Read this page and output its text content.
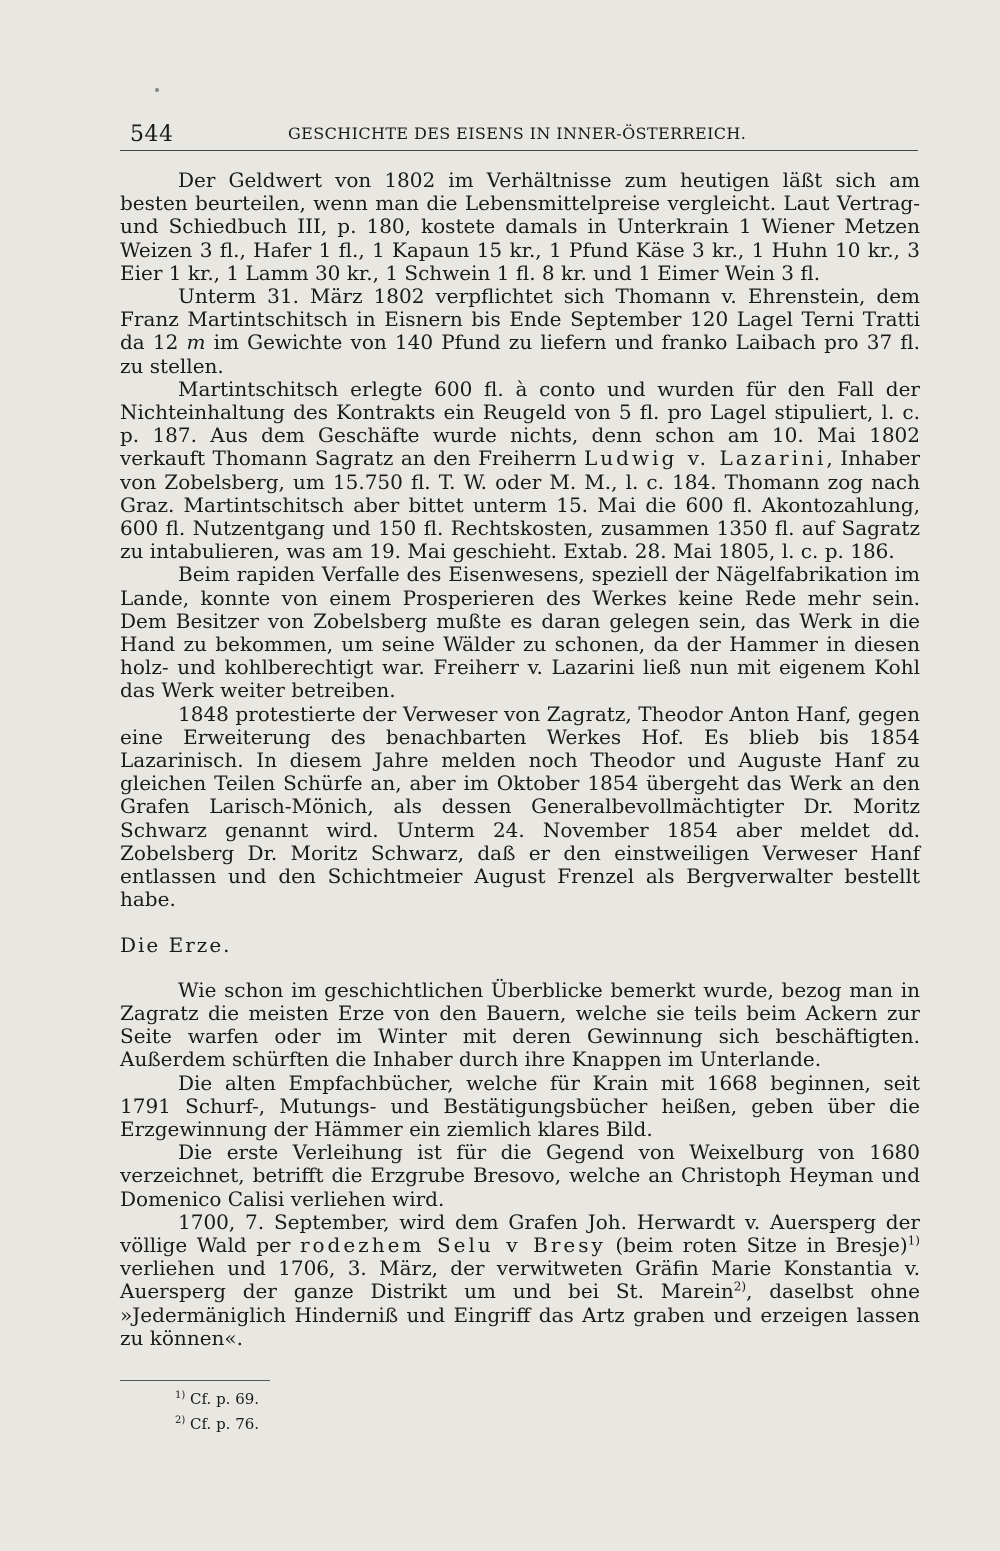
544	GESCHICHTE DES EISENS IN INNER-ÖSTERREICH.

Der Geldwert von 1802 im Verhältnisse zum heutigen läßt sich am besten beurteilen, wenn man die Lebensmittelpreise vergleicht. Laut Vertrag- und Schiedbuch III, p. 180, kostete damals in Unterkrain 1 Wiener Metzen Weizen 3 fl., Hafer 1 fl., 1 Kapaun 15 kr., 1 Pfund Käse 3 kr., 1 Huhn 10 kr., 3 Eier 1 kr., 1 Lamm 30 kr., 1 Schwein 1 fl. 8 kr. und 1 Eimer Wein 3 fl.

Unterm 31. März 1802 verpflichtet sich Thomann v. Ehrenstein, dem Franz Martintschitsch in Eisnern bis Ende September 120 Lagel Terni Tratti da 12 m im Gewichte von 140 Pfund zu liefern und franko Laibach pro 37 fl. zu stellen.

Martintschitsch erlegte 600 fl. à conto und wurden für den Fall der Nichteinhaltung des Kontrakts ein Reugeld von 5 fl. pro Lagel stipuliert, l. c. p. 187. Aus dem Geschäfte wurde nichts, denn schon am 10. Mai 1802 verkauft Thomann Sagratz an den Freiherrn Ludwig v. Lazarini, Inhaber von Zobelsberg, um 15.750 fl. T. W. oder M. M., l. c. 184. Thomann zog nach Graz. Martintschitsch aber bittet unterm 15. Mai die 600 fl. Akontozahlung, 600 fl. Nutzentgang und 150 fl. Rechtskosten, zusammen 1350 fl. auf Sagratz zu intabulieren, was am 19. Mai geschieht. Extab. 28. Mai 1805, l. c. p. 186.

Beim rapiden Verfalle des Eisenwesens, speziell der Nägelfabrikation im Lande, konnte von einem Prosperieren des Werkes keine Rede mehr sein. Dem Besitzer von Zobelsberg mußte es daran gelegen sein, das Werk in die Hand zu bekommen, um seine Wälder zu schonen, da der Hammer in diesen holz- und kohlberechtigt war. Freiherr v. Lazarini ließ nun mit eigenem Kohl das Werk weiter betreiben.

1848 protestierte der Verweser von Zagratz, Theodor Anton Hanf, gegen eine Erweiterung des benachbarten Werkes Hof. Es blieb bis 1854 Lazarinisch. In diesem Jahre melden noch Theodor und Auguste Hanf zu gleichen Teilen Schürfe an, aber im Oktober 1854 übergeht das Werk an den Grafen Larisch-Mönich, als dessen Generalbevollmächtigter Dr. Moritz Schwarz genannt wird. Unterm 24. November 1854 aber meldet dd. Zobelsberg Dr. Moritz Schwarz, daß er den einstweiligen Verweser Hanf entlassen und den Schichtmeier August Frenzel als Bergverwalter bestellt habe.

Die Erze.

Wie schon im geschichtlichen Überblicke bemerkt wurde, bezog man in Zagratz die meisten Erze von den Bauern, welche sie teils beim Ackern zur Seite warfen oder im Winter mit deren Gewinnung sich beschäftigten. Außerdem schürften die Inhaber durch ihre Knappen im Unterlande.

Die alten Empfachbücher, welche für Krain mit 1668 beginnen, seit 1791 Schurf-, Mutungs- und Bestätigungsbücher heißen, geben über die Erzgewinnung der Hämmer ein ziemlich klares Bild.

Die erste Verleihung ist für die Gegend von Weixelburg von 1680 verzeichnet, betrifft die Erzgrube Bresovo, welche an Christoph Heyman und Domenico Calisi verliehen wird.

1700, 7. September, wird dem Grafen Joh. Herwardt v. Auersperg der völlige Wald per rodezhem Selu v Bresy (beim roten Sitze in Bresje)$^{1)}$ verliehen und 1706, 3. März, der verwitweten Gräfin Marie Konstantia v. Auersperg der ganze Distrikt um und bei St. Marein$^{2)}$, daselbst ohne »Jedermäniglich Hinderniß und Eingriff das Artz graben und erzeigen lassen zu können«.

$^{1)}$ Cf. p. 69.
$^{2)}$ Cf. p. 76.
